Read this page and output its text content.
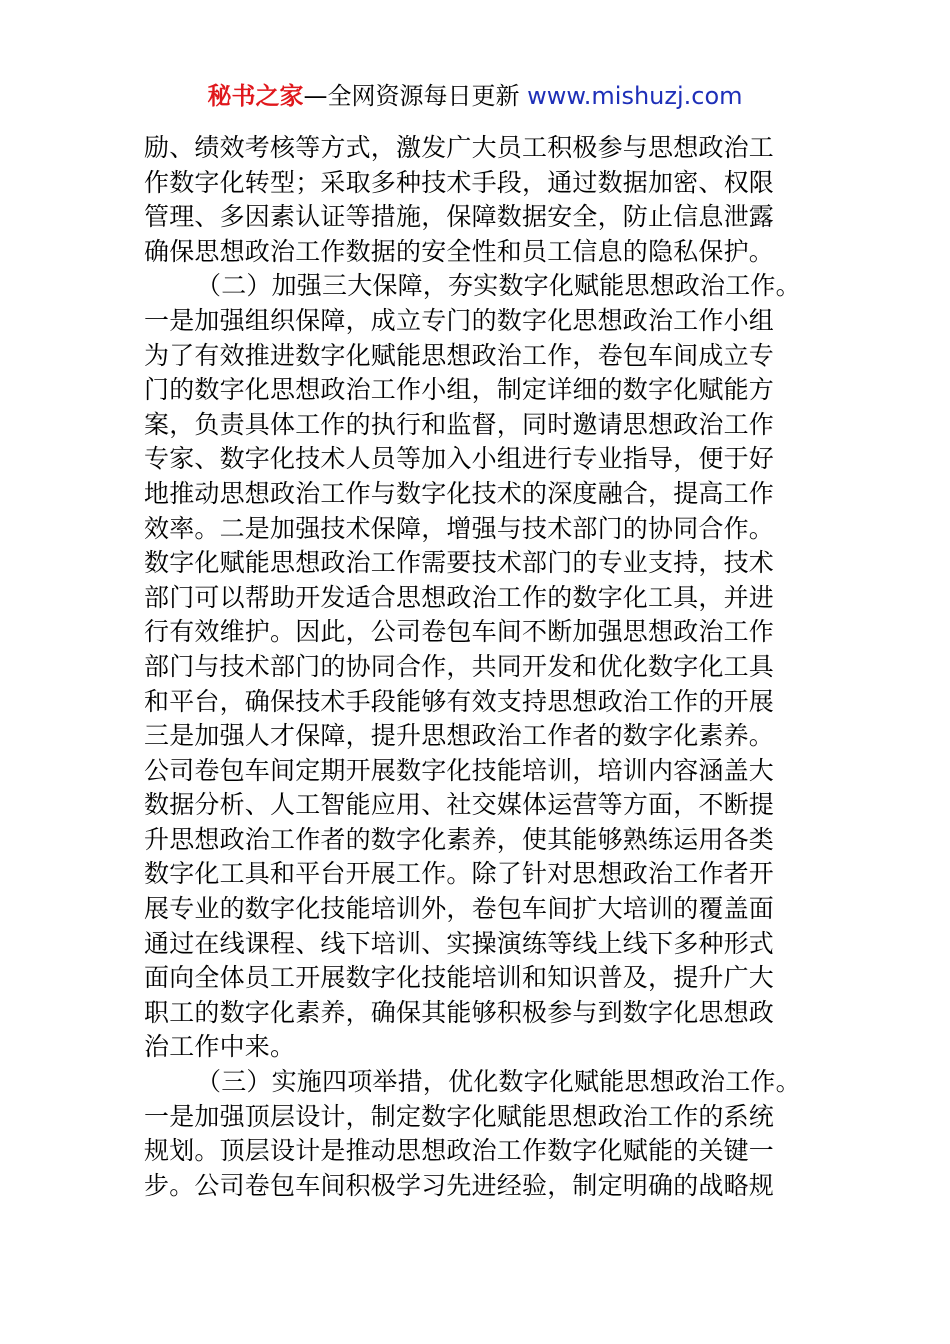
秘书之家—全网资源每日更新 www.mishuzj.com
励、绩效考核等方式，激发广大员工积极参与思想政治工
作数字化转型；采取多种技术手段，通过数据加密、权限
管理、多因素认证等措施，保障数据安全，防止信息泄露
确保思想政治工作数据的安全性和员工信息的隐私保护。
（二）加强三大保障，夯实数字化赋能思想政治工作。
一是加强组织保障，成立专门的数字化思想政治工作小组
为了有效推进数字化赋能思想政治工作，卷包车间成立专
门的数字化思想政治工作小组，制定详细的数字化赋能方
案，负责具体工作的执行和监督，同时邀请思想政治工作
专家、数字化技术人员等加入小组进行专业指导，便于好
地推动思想政治工作与数字化技术的深度融合，提高工作
效率。二是加强技术保障，增强与技术部门的协同合作。
数字化赋能思想政治工作需要技术部门的专业支持，技术
部门可以帮助开发适合思想政治工作的数字化工具，并进
行有效维护。因此，公司卷包车间不断加强思想政治工作
部门与技术部门的协同合作，共同开发和优化数字化工具
和平台，确保技术手段能够有效支持思想政治工作的开展
三是加强人才保障，提升思想政治工作者的数字化素养。
公司卷包车间定期开展数字化技能培训，培训内容涵盖大
数据分析、人工智能应用、社交媒体运营等方面，不断提
升思想政治工作者的数字化素养，使其能够熟练运用各类
数字化工具和平台开展工作。除了针对思想政治工作者开
展专业的数字化技能培训外，卷包车间扩大培训的覆盖面
通过在线课程、线下培训、实操演练等线上线下多种形式
面向全体员工开展数字化技能培训和知识普及，提升广大
职工的数字化素养，确保其能够积极参与到数字化思想政
治工作中来。
（三）实施四项举措，优化数字化赋能思想政治工作。
一是加强顶层设计，制定数字化赋能思想政治工作的系统
规划。顶层设计是推动思想政治工作数字化赋能的关键一
步。公司卷包车间积极学习先进经验，制定明确的战略规
